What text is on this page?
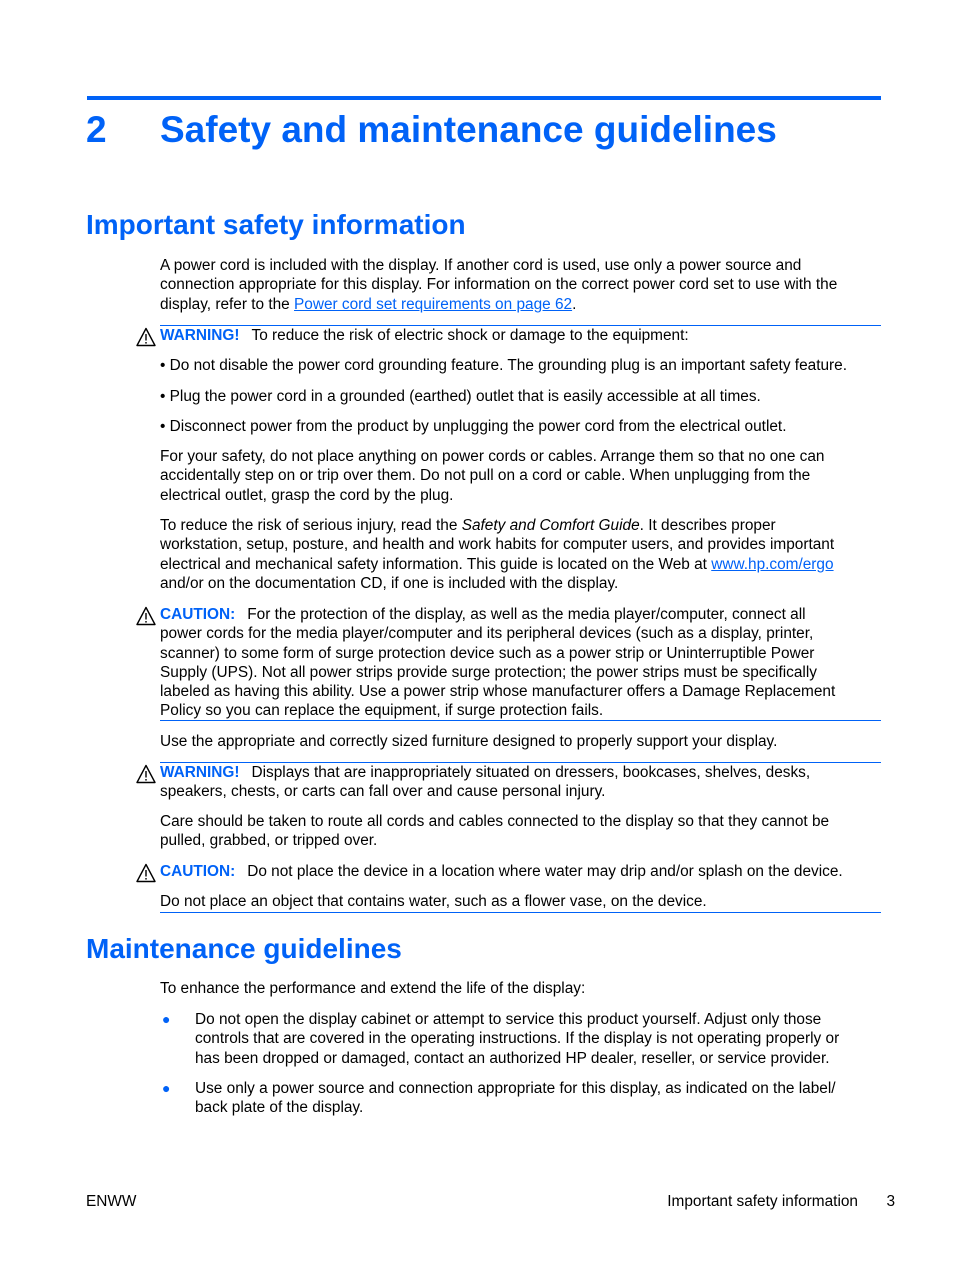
2 Safety and maintenance guidelines
Important safety information

A power cord is included with the display. If another cord is used, use only a power source and

connection appropriate for this display. For information on the correct power cord set to use with the

display, refer to the Power cord set requirements on page 62.

WARNING! To reduce the risk of electric shock or damage to the equipment:
• Do not disable the power cord grounding feature. The grounding plug is an important safety feature.
• Plug the power cord in a grounded (earthed) outlet that is easily accessible at all times.
• Disconnect power from the product by unplugging the power cord from the electrical outlet.

For your safety, do not place anything on power cords or cables. Arrange them so that no one can

accidentally step on or trip over them. Do not pull on a cord or cable. When unplugging from the

electrical outlet, grasp the cord by the plug.

To reduce the risk of serious injury, read the Safety and Comfort Guide. It describes proper

workstation, setup, posture, and health and work habits for computer users, and provides important

electrical and mechanical safety information. This guide is located on the Web at www.hp.com/ergo

and/or on the documentation CD, if one is included with the display.

CAUTION: For the protection of the display, as well as the media player/computer, connect all

power cords for the media player/computer and its peripheral devices (such as a display, printer,

scanner) to some form of surge protection device such as a power strip or Uninterruptible Power

Supply (UPS). Not all power strips provide surge protection; the power strips must be specifically

labeled as having this ability. Use a power strip whose manufacturer offers a Damage Replacement

Policy so you can replace the equipment, if surge protection fails.

Use the appropriate and correctly sized furniture designed to properly support your display.

WARNING! Displays that are inappropriately situated on dressers, bookcases, shelves, desks,

speakers, chests, or carts can fall over and cause personal injury.

Care should be taken to route all cords and cables connected to the display so that they cannot be

pulled, grabbed, or tripped over.

CAUTION: Do not place the device in a location where water may drip and/or splash on the device.
Do not place an object that contains water, such as a flower vase, on the device.
Maintenance guidelines
To enhance the performance and extend the life of the display:
● Do not open the display cabinet or attempt to service this product yourself. Adjust only those
controls that are covered in the operating instructions. If the display is not operating properly or
has been dropped or damaged, contact an authorized HP dealer, reseller, or service provider.
● Use only a power source and connection appropriate for this display, as indicated on the label/
back plate of the display.
ENWW	Important safety information 3
